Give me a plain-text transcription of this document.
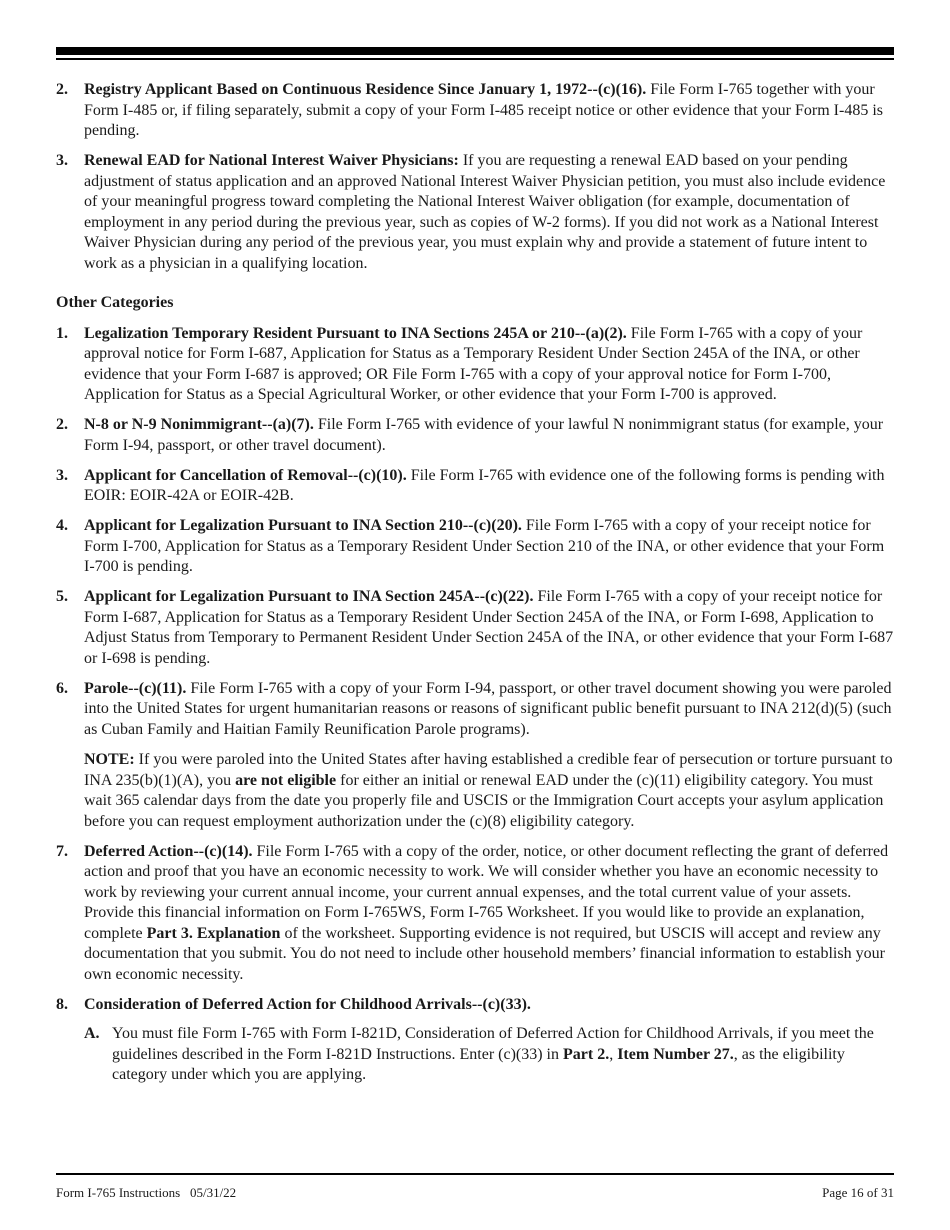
2.	Registry Applicant Based on Continuous Residence Since January 1, 1972--(c)(16). File Form I-765 together with your Form I-485 or, if filing separately, submit a copy of your Form I-485 receipt notice or other evidence that your Form I-485 is pending.

3.	Renewal EAD for National Interest Waiver Physicians: If you are requesting a renewal EAD based on your pending adjustment of status application and an approved National Interest Waiver Physician petition, you must also include evidence of your meaningful progress toward completing the National Interest Waiver obligation (for example, documentation of employment in any period during the previous year, such as copies of W-2 forms). If you did not work as a National Interest Waiver Physician during any period of the previous year, you must explain why and provide a statement of future intent to work as a physician in a qualifying location.

Other Categories
1.	Legalization Temporary Resident Pursuant to INA Sections 245A or 210--(a)(2). File Form I-765 with a copy of your approval notice for Form I-687, Application for Status as a Temporary Resident Under Section 245A of the INA, or other evidence that your Form I-687 is approved; OR File Form I-765 with a copy of your approval notice for Form I-700, Application for Status as a Special Agricultural Worker, or other evidence that your Form I-700 is approved.

2.	N-8 or N-9 Nonimmigrant--(a)(7). File Form I-765 with evidence of your lawful N nonimmigrant status (for example, your Form I-94, passport, or other travel document).

3.	Applicant for Cancellation of Removal--(c)(10). File Form I-765 with evidence one of the following forms is pending with EOIR: EOIR-42A or EOIR-42B.

4.	Applicant for Legalization Pursuant to INA Section 210--(c)(20). File Form I-765 with a copy of your receipt notice for Form I-700, Application for Status as a Temporary Resident Under Section 210 of the INA, or other evidence that your Form I-700 is pending.

5.	Applicant for Legalization Pursuant to INA Section 245A--(c)(22). File Form I-765 with a copy of your receipt notice for Form I-687, Application for Status as a Temporary Resident Under Section 245A of the INA, or Form I-698, Application to Adjust Status from Temporary to Permanent Resident Under Section 245A of the INA, or other evidence that your Form I-687 or I-698 is pending.

6.	Parole--(c)(11). File Form I-765 with a copy of your Form I-94, passport, or other travel document showing you were paroled into the United States for urgent humanitarian reasons or reasons of significant public benefit pursuant to INA 212(d)(5) (such as Cuban Family and Haitian Family Reunification Parole programs).

NOTE: If you were paroled into the United States after having established a credible fear of persecution or torture pursuant to INA 235(b)(1)(A), you are not eligible for either an initial or renewal EAD under the (c)(11) eligibility category. You must wait 365 calendar days from the date you properly file and USCIS or the Immigration Court accepts your asylum application before you can request employment authorization under the (c)(8) eligibility category.

7.	Deferred Action--(c)(14). File Form I-765 with a copy of the order, notice, or other document reflecting the grant of deferred action and proof that you have an economic necessity to work. We will consider whether you have an economic necessity to work by reviewing your current annual income, your current annual expenses, and the total current value of your assets. Provide this financial information on Form I-765WS, Form I-765 Worksheet. If you would like to provide an explanation, complete Part 3. Explanation of the worksheet. Supporting evidence is not required, but USCIS will accept and review any documentation that you submit. You do not need to include other household members’ financial information to establish your own economic necessity.

8.	Consideration of Deferred Action for Childhood Arrivals--(c)(33).

A. You must file Form I-765 with Form I-821D, Consideration of Deferred Action for Childhood Arrivals, if you meet the guidelines described in the Form I-821D Instructions. Enter (c)(33) in Part 2., Item Number 27., as the eligibility category under which you are applying.

Form I-765 Instructions   05/31/22	Page 16 of 31
